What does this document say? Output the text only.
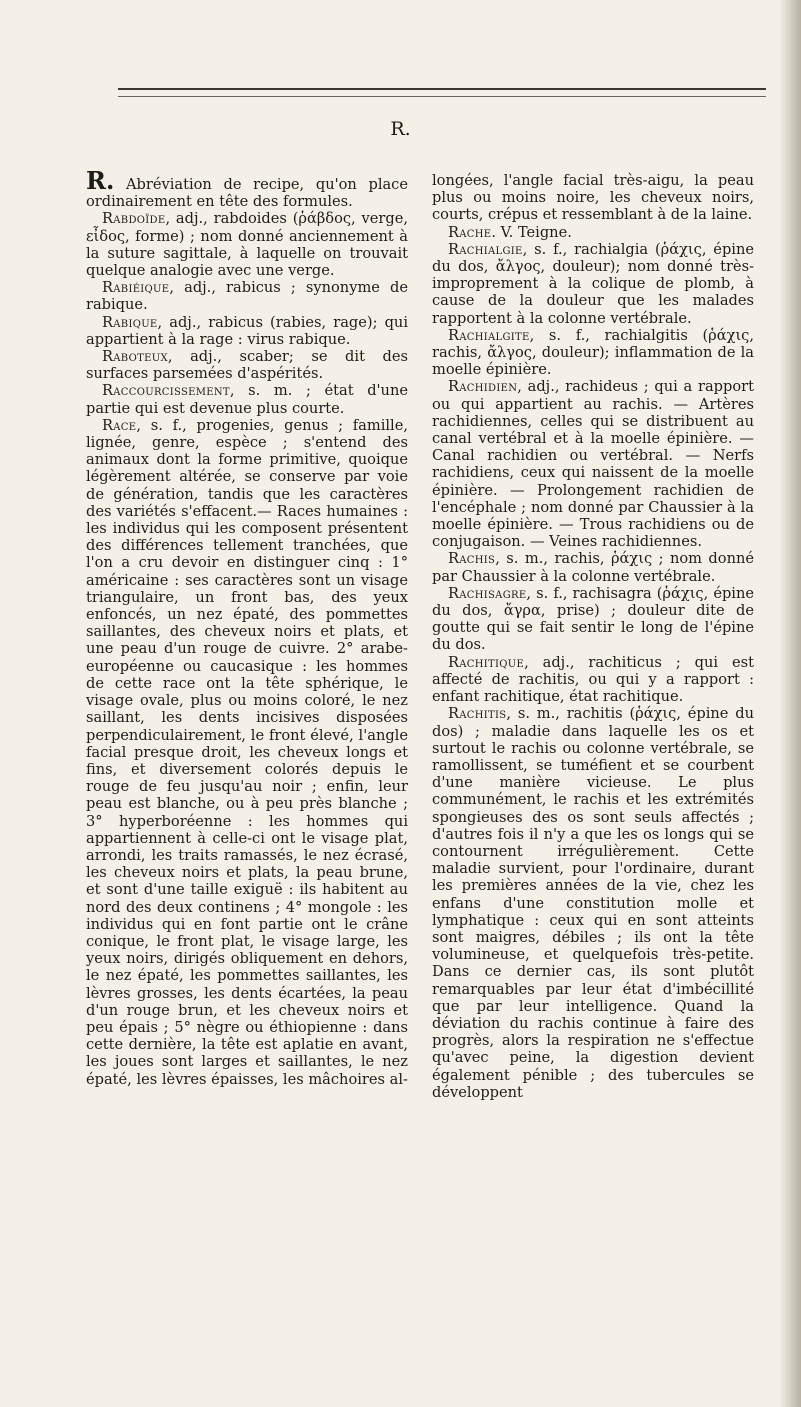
R.

R. Abréviation de recipe, qu'on place ordinairement en tête des formules.

Rabdoïde, adj., rabdoides (ῥάβδος, verge, εἶδος, forme) ; nom donné anciennement à la suture sagittale, à laquelle on trouvait quelque analogie avec une verge.

Rabiéique, adj., rabicus ; synonyme de rabique.

Rabique, adj., rabicus (rabies, rage); qui appartient à la rage : virus rabique.

Raboteux, adj., scaber; se dit des surfaces parsemées d'aspérités.

Raccourcissement, s. m. ; état d'une partie qui est devenue plus courte.

Race, s. f., progenies, genus ; famille, lignée, genre, espèce ; s'entend des animaux dont la forme primitive, quoique légèrement altérée, se conserve par voie de génération, tandis que les caractères des variétés s'effacent.— Races humaines : les individus qui les composent présentent des différences tellement tranchées, que l'on a cru devoir en distinguer cinq : 1° américaine : ses caractères sont un visage triangulaire, un front bas, des yeux enfoncés, un nez épaté, des pommettes saillantes, des cheveux noirs et plats, et une peau d'un rouge de cuivre. 2° arabe-européenne ou caucasique : les hommes de cette race ont la tête sphérique, le visage ovale, plus ou moins coloré, le nez saillant, les dents incisives disposées perpendiculairement, le front élevé, l'angle facial presque droit, les cheveux longs et fins, et diversement colorés depuis le rouge de feu jusqu'au noir ; enfin, leur peau est blanche, ou à peu près blanche ; 3° hyperboréenne : les hommes qui appartiennent à celle-ci ont le visage plat, arrondi, les traits ramassés, le nez écrasé, les cheveux noirs et plats, la peau brune, et sont d'une taille exiguë : ils habitent au nord des deux continens ; 4° mongole : les individus qui en font partie ont le crâne conique, le front plat, le visage large, les yeux noirs, dirigés obliquement en dehors, le nez épaté, les pommettes saillantes, les lèvres grosses, les dents écartées, la peau d'un rouge brun, et les cheveux noirs et peu épais ; 5° nègre ou éthiopienne : dans cette dernière, la tête est aplatie en avant, les joues sont larges et saillantes, le nez épaté, les lèvres épaisses, les mâchoires al-

longées, l'angle facial très-aigu, la peau plus ou moins noire, les cheveux noirs, courts, crépus et ressemblant à de la laine.

Rache. V. Teigne.

Rachialgie, s. f., rachialgia (ῥάχις, épine du dos, ἄλγος, douleur); nom donné très-improprement à la colique de plomb, à cause de la douleur que les malades rapportent à la colonne vertébrale.

Rachialgite, s. f., rachialgitis (ῥάχις, rachis, ἄλγος, douleur); inflammation de la moelle épinière.

Rachidien, adj., rachideus ; qui a rapport ou qui appartient au rachis. — Artères rachidiennes, celles qui se distribuent au canal vertébral et à la moelle épinière. — Canal rachidien ou vertébral. — Nerfs rachidiens, ceux qui naissent de la moelle épinière. — Prolongement rachidien de l'encéphale ; nom donné par Chaussier à la moelle épinière. — Trous rachidiens ou de conjugaison. — Veines rachidiennes.

Rachis, s. m., rachis, ῥάχις ; nom donné par Chaussier à la colonne vertébrale.

Rachisagre, s. f., rachisagra (ῥάχις, épine du dos, ἄγρα, prise) ; douleur dite de goutte qui se fait sentir le long de l'épine du dos.

Rachitique, adj., rachiticus ; qui est affecté de rachitis, ou qui y a rapport : enfant rachitique, état rachitique.

Rachitis, s. m., rachitis (ῥάχις, épine du dos) ; maladie dans laquelle les os et surtout le rachis ou colonne vertébrale, se ramollissent, se tuméfient et se courbent d'une manière vicieuse. Le plus communément, le rachis et les extrémités spongieuses des os sont seuls affectés ; d'autres fois il n'y a que les os longs qui se contournent irrégulièrement. Cette maladie survient, pour l'ordinaire, durant les premières années de la vie, chez les enfans d'une constitution molle et lymphatique : ceux qui en sont atteints sont maigres, débiles ; ils ont la tête volumineuse, et quelquefois très-petite. Dans ce dernier cas, ils sont plutôt remarquables par leur état d'imbécillité que par leur intelligence. Quand la déviation du rachis continue à faire des progrès, alors la respiration ne s'effectue qu'avec peine, la digestion devient également pénible ; des tubercules se développent
